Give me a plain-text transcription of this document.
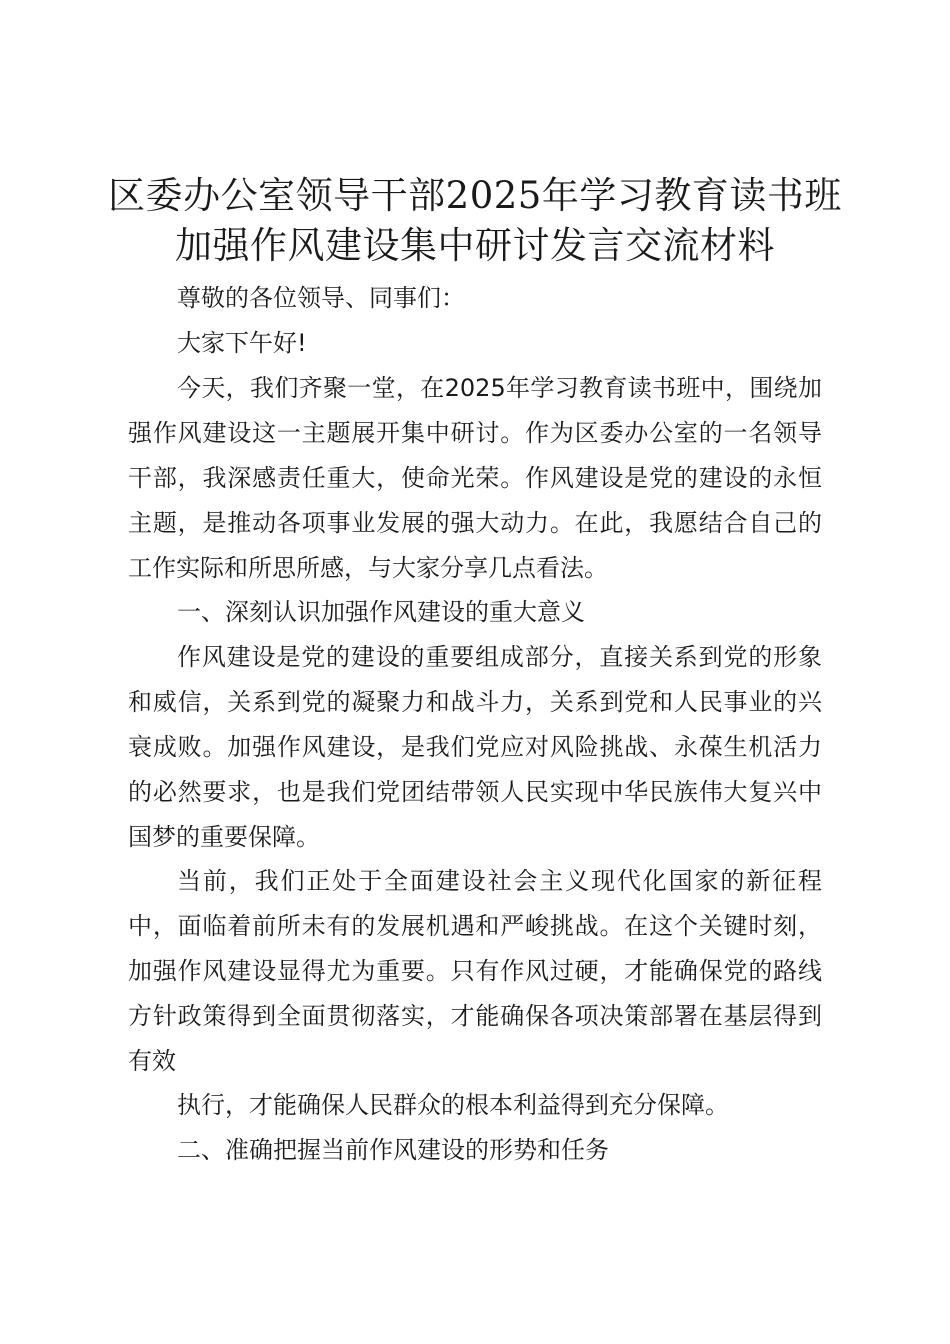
区委办公室领导干部2025年学习教育读书班
加强作风建设集中研讨发言交流材料

尊敬的各位领导、同事们：

大家下午好!

今天，我们齐聚一堂，在2025年学习教育读书班中，围绕加强作风建设这一主题展开集中研讨。作为区委办公室的一名领导干部，我深感责任重大，使命光荣。作风建设是党的建设的永恒主题，是推动各项事业发展的强大动力。在此，我愿结合自己的工作实际和所思所感，与大家分享几点看法。

一、深刻认识加强作风建设的重大意义

作风建设是党的建设的重要组成部分，直接关系到党的形象和威信，关系到党的凝聚力和战斗力，关系到党和人民事业的兴衰成败。加强作风建设，是我们党应对风险挑战、永葆生机活力的必然要求，也是我们党团结带领人民实现中华民族伟大复兴中国梦的重要保障。

当前，我们正处于全面建设社会主义现代化国家的新征程中，面临着前所未有的发展机遇和严峻挑战。在这个关键时刻，加强作风建设显得尤为重要。只有作风过硬，才能确保党的路线方针政策得到全面贯彻落实，才能确保各项决策部署在基层得到有效

执行，才能确保人民群众的根本利益得到充分保障。

二、准确把握当前作风建设的形势和任务
